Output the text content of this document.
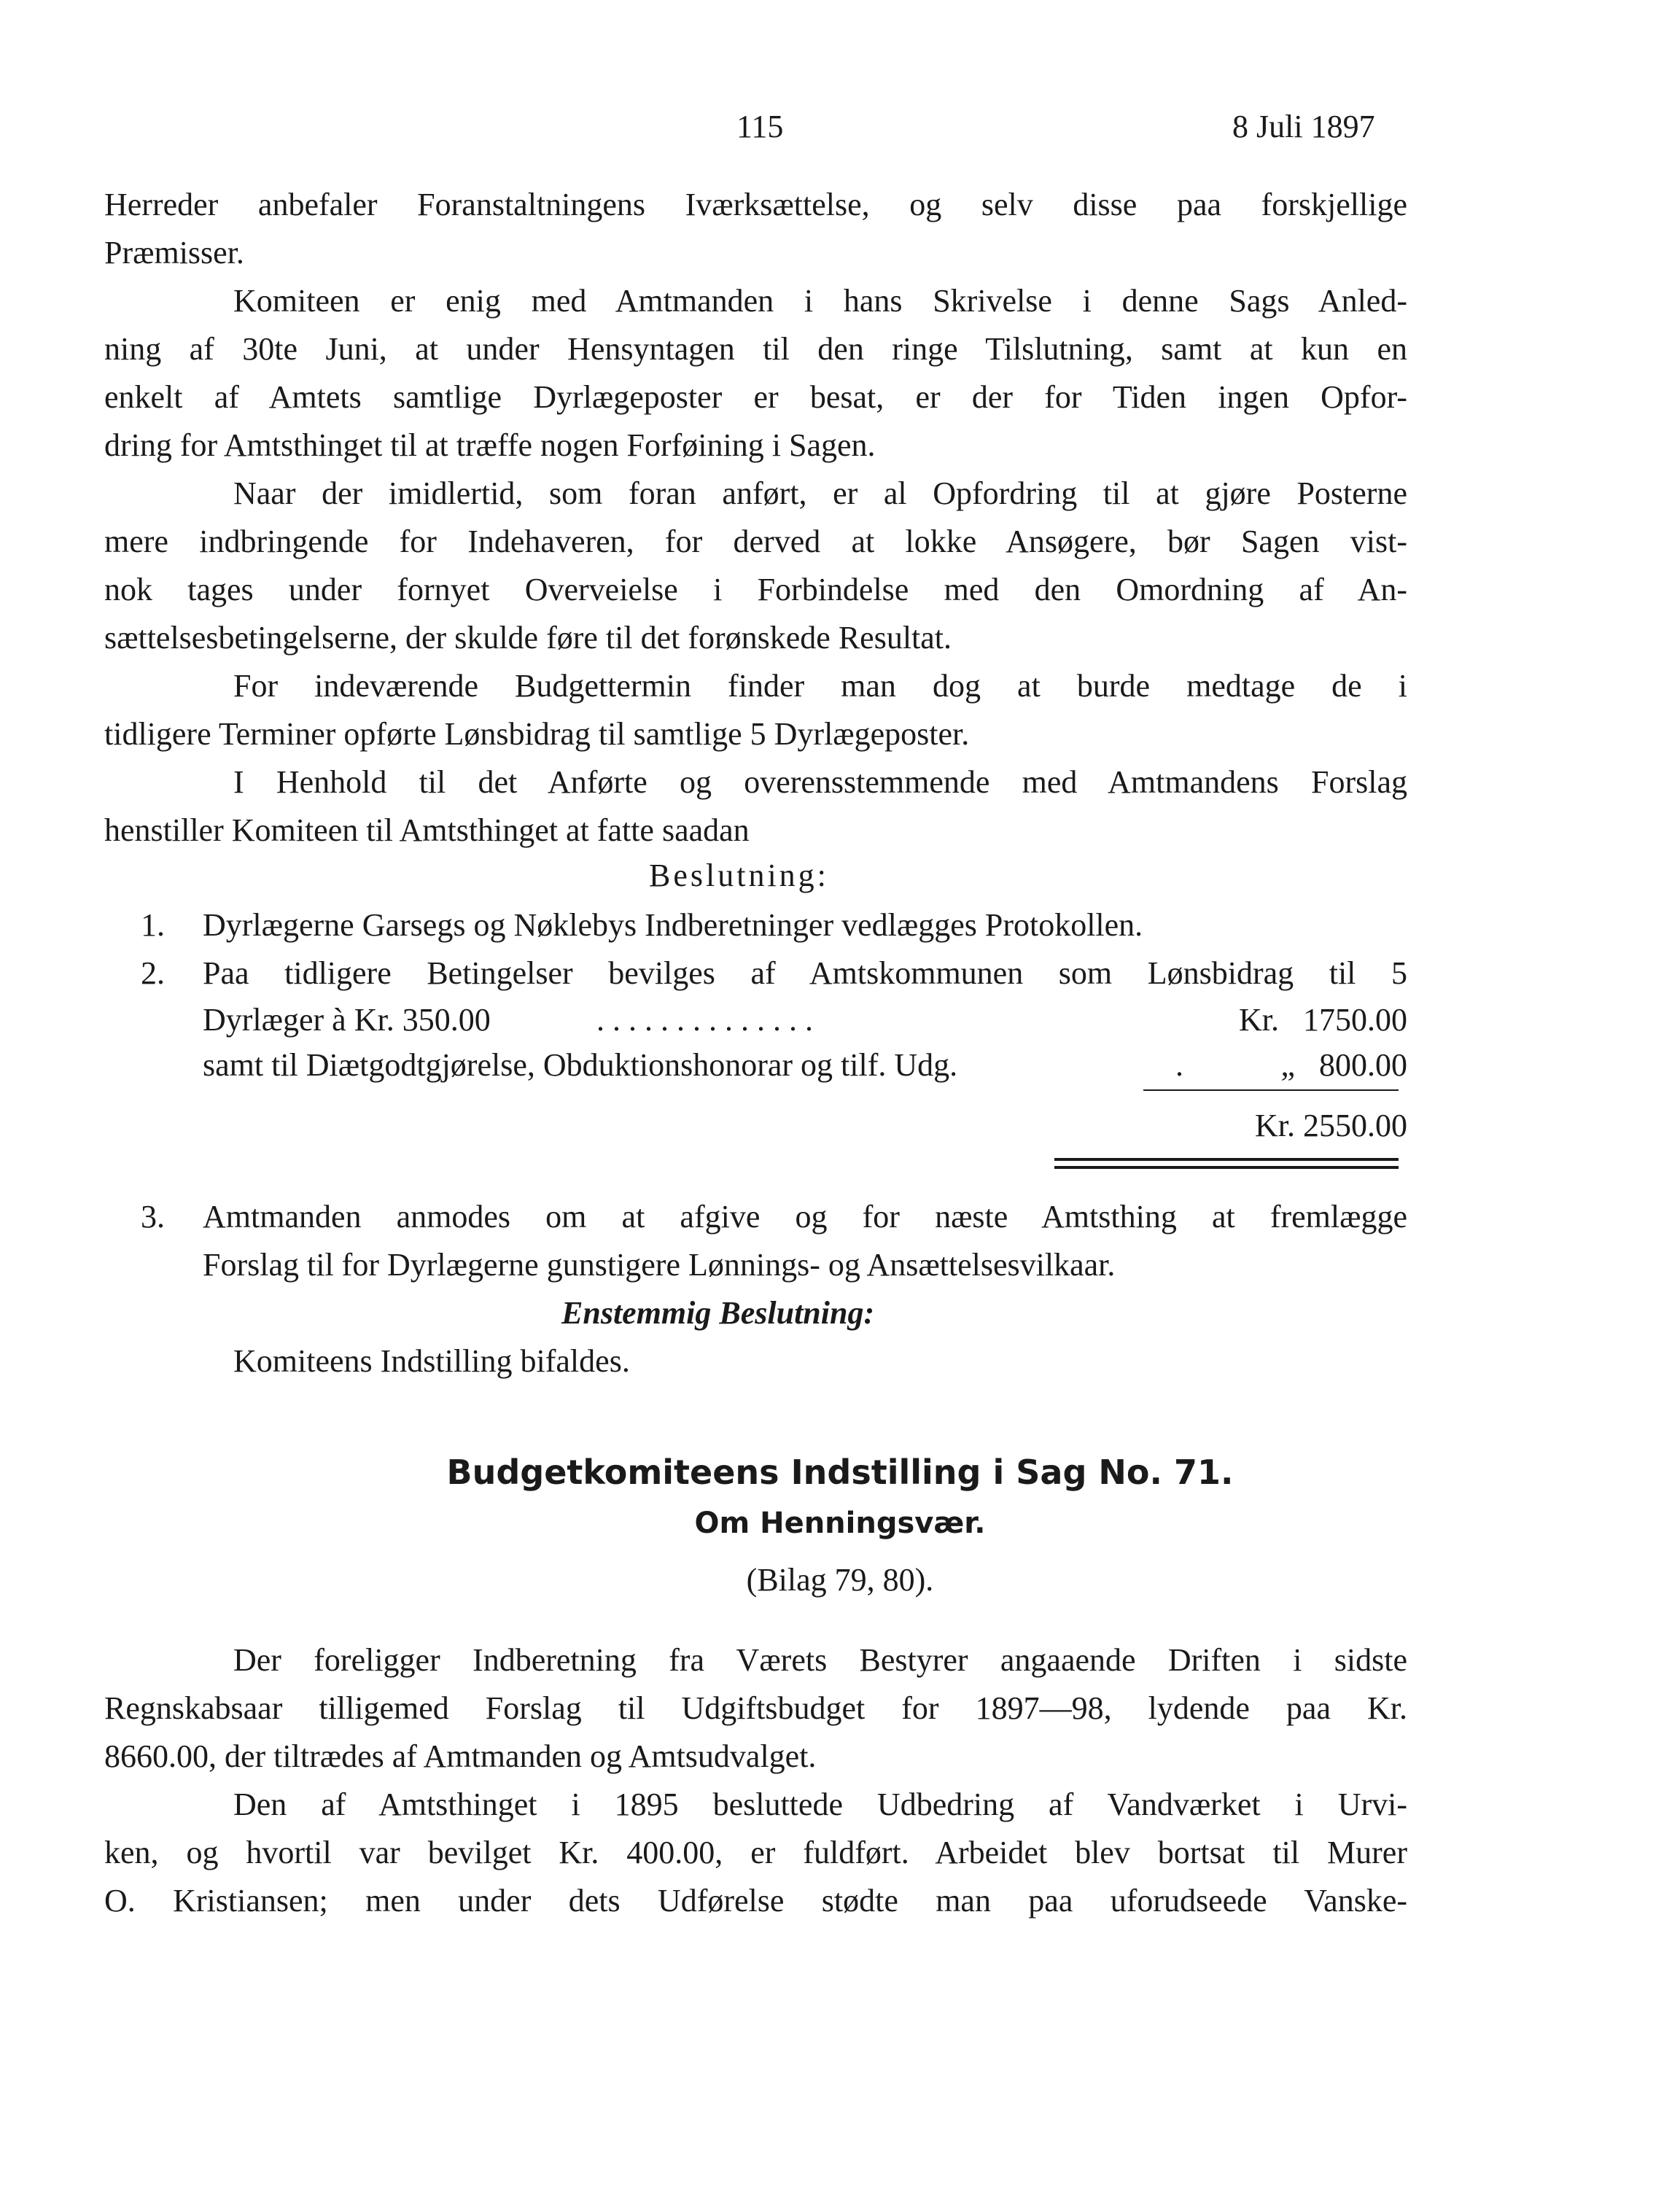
115	8 Juli 1897
Herreder anbefaler Foranstaltningens Iværksættelse, og selv disse paa forskjellige
Præmisser.
Komiteen er enig med Amtmanden i hans Skrivelse i denne Sags Anled-
ning af 30te Juni, at under Hensyntagen til den ringe Tilslutning, samt at kun en
enkelt af Amtets samtlige Dyrlægeposter er besat, er der for Tiden ingen Opfor-
dring for Amtsthinget til at træffe nogen Forføining i Sagen.
Naar der imidlertid, som foran anført, er al Opfordring til at gjøre Posterne
mere indbringende for Indehaveren, for derved at lokke Ansøgere, bør Sagen vist-
nok tages under fornyet Overveielse i Forbindelse med den Omordning af An-
sættelsesbetingelserne, der skulde føre til det forønskede Resultat.
For indeværende Budgettermin finder man dog at burde medtage de i
tidligere Terminer opførte Lønsbidrag til samtlige 5 Dyrlægeposter.
I Henhold til det Anførte og overensstemmende med Amtmandens Forslag
henstiller Komiteen til Amtsthinget at fatte saadan
Beslutning:
1. Dyrlægerne Garsegs og Nøklebys Indberetninger vedlægges Protokollen.
2. Paa tidligere Betingelser bevilges af Amtskommunen som Lønsbidrag til 5
Dyrlæger à Kr. 350.00	. . . . . . . . . . . . . .	Kr.   1750.00
samt til Diætgodtgjørelse, Obduktionshonorar og tilf. Udg.	.	„   800.00
Kr. 2550.00
3. Amtmanden anmodes om at afgive og for næste Amtsthing at fremlægge
Forslag til for Dyrlægerne gunstigere Lønnings- og Ansættelsesvilkaar.
Enstemmig Beslutning:
Komiteens Indstilling bifaldes.
Budgetkomiteens Indstilling i Sag No. 71.
Om Henningsvær.
(Bilag 79, 80).
Der foreligger Indberetning fra Værets Bestyrer angaaende Driften i sidste
Regnskabsaar tilligemed Forslag til Udgiftsbudget for 1897—98, lydende paa Kr.
8660.00, der tiltrædes af Amtmanden og Amtsudvalget.
Den af Amtsthinget i 1895 besluttede Udbedring af Vandværket i Urvi-
ken, og hvortil var bevilget Kr. 400.00, er fuldført. Arbeidet blev bortsat til Murer
O. Kristiansen; men under dets Udførelse stødte man paa uforudseede Vanske-
